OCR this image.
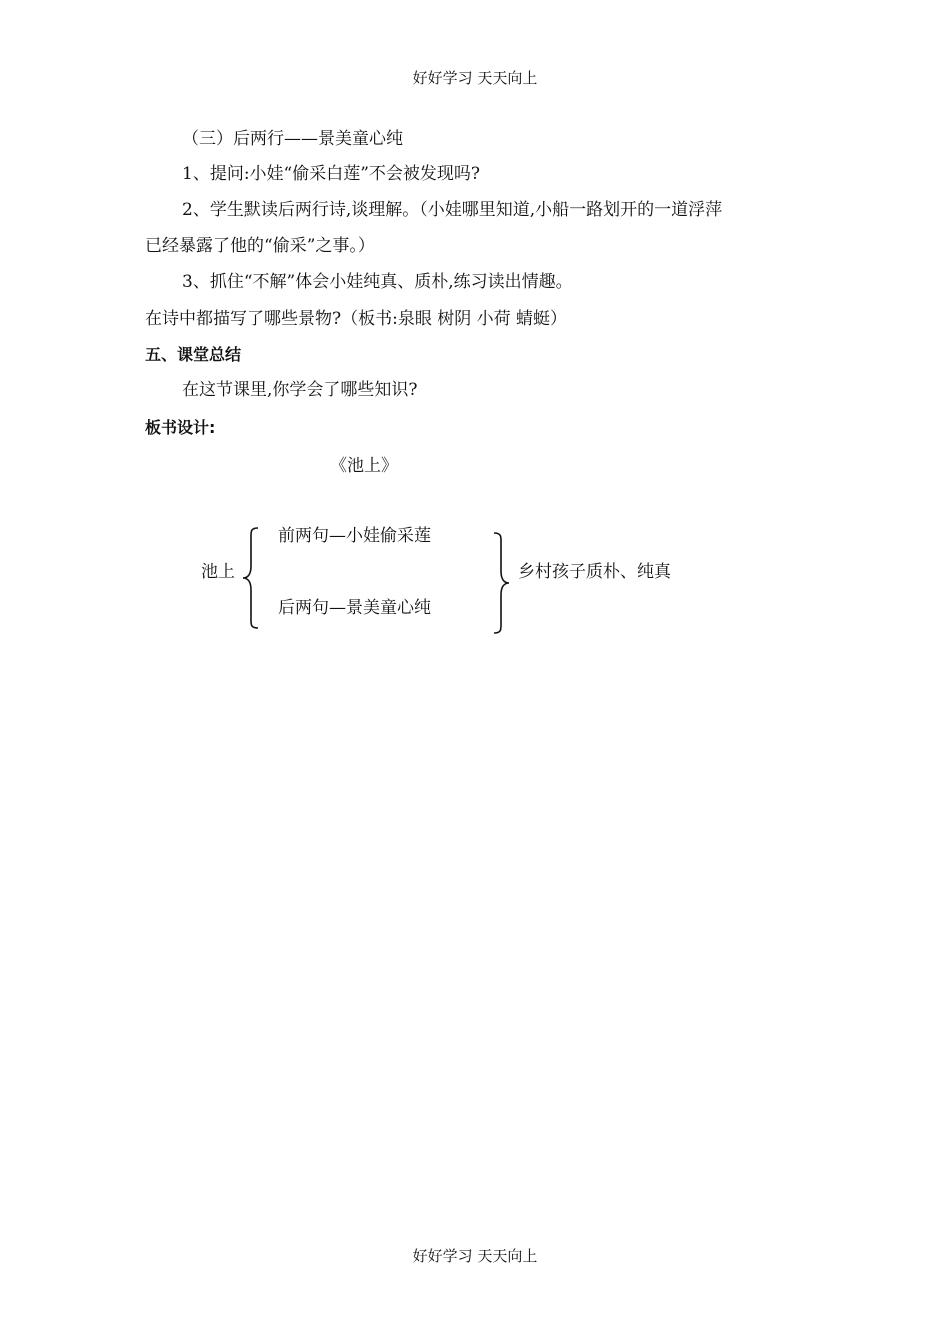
好好学习 天天向上
（三）后两行——景美童心纯
1、提问:小娃“偷采白莲”不会被发现吗?
2、学生默读后两行诗,谈理解。（小娃哪里知道,小船一路划开的一道浮萍
已经暴露了他的“偷采”之事。）
3、抓住“不解”体会小娃纯真、质朴,练习读出情趣。
在诗中都描写了哪些景物?（板书:泉眼 树阴 小荷 蜻蜓）
五、课堂总结
在这节课里,你学会了哪些知识?
板书设计:
《池上》
池上
前两句—小娃偷采莲
后两句—景美童心纯
乡村孩子质朴、纯真
好好学习 天天向上
